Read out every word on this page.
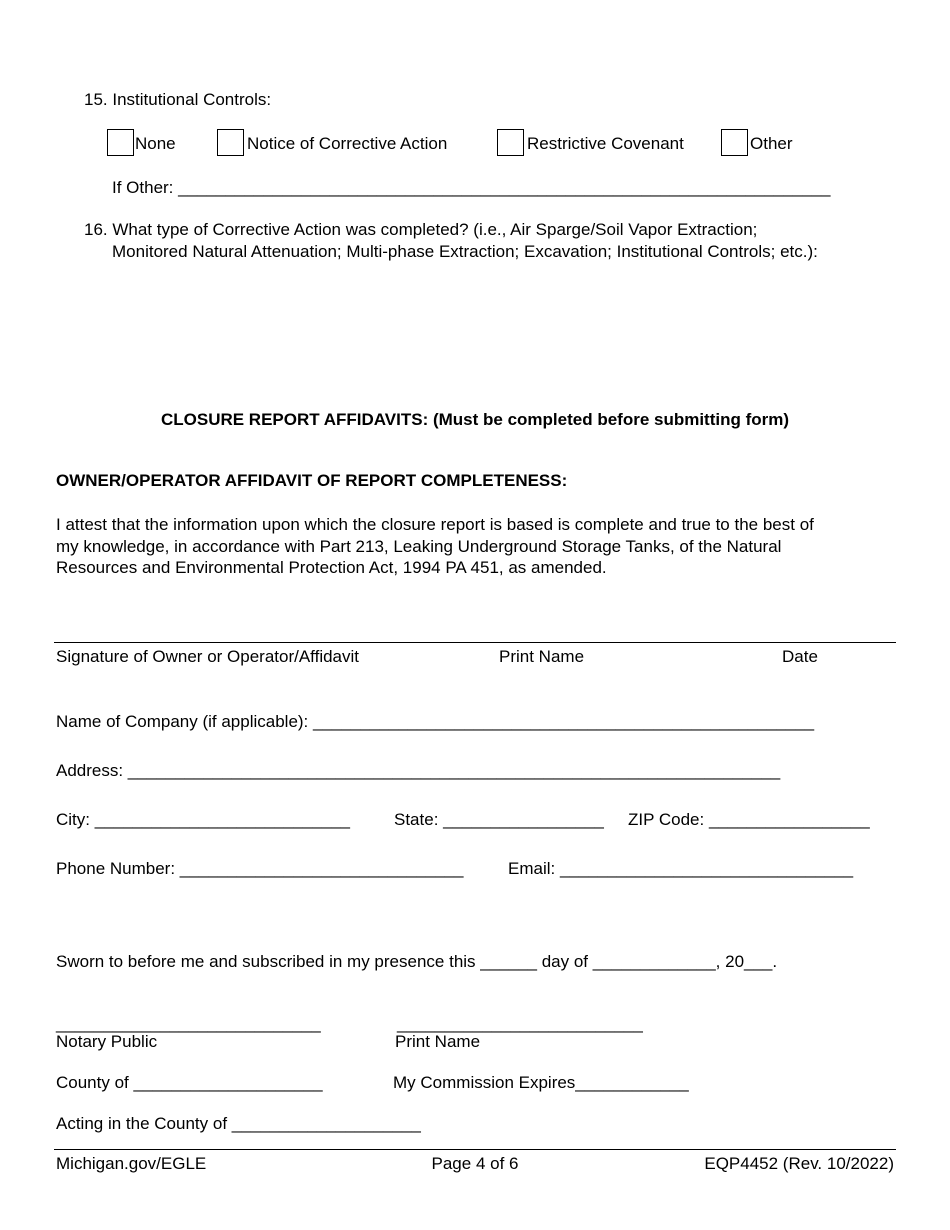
15. Institutional Controls:
None	Notice of Corrective Action	Restrictive Covenant	Other
If Other: _____________________________________________________________________
16. What type of Corrective Action was completed? (i.e., Air Sparge/Soil Vapor Extraction;
Monitored Natural Attenuation; Multi-phase Extraction; Excavation; Institutional Controls; etc.):
CLOSURE REPORT AFFIDAVITS: (Must be completed before submitting form)
OWNER/OPERATOR AFFIDAVIT OF REPORT COMPLETENESS:
I attest that the information upon which the closure report is based is complete and true to the best of
my knowledge, in accordance with Part 213, Leaking Underground Storage Tanks, of the Natural
Resources and Environmental Protection Act, 1994 PA 451, as amended.
Signature of Owner or Operator/Affidavit	Print Name	Date
Name of Company (if applicable): _____________________________________________________
Address: _____________________________________________________________________
City: ___________________________	State: _________________ ZIP Code: _________________
Phone Number: ______________________________	Email: _______________________________
Sworn to before me and subscribed in my presence this ______ day of _____________, 20___.
____________________________	__________________________
Notary Public	Print Name
County of ____________________	My Commission Expires____________
Acting in the County of ____________________
Michigan.gov/EGLE	Page 4 of 6	EQP4452 (Rev. 10/2022)
